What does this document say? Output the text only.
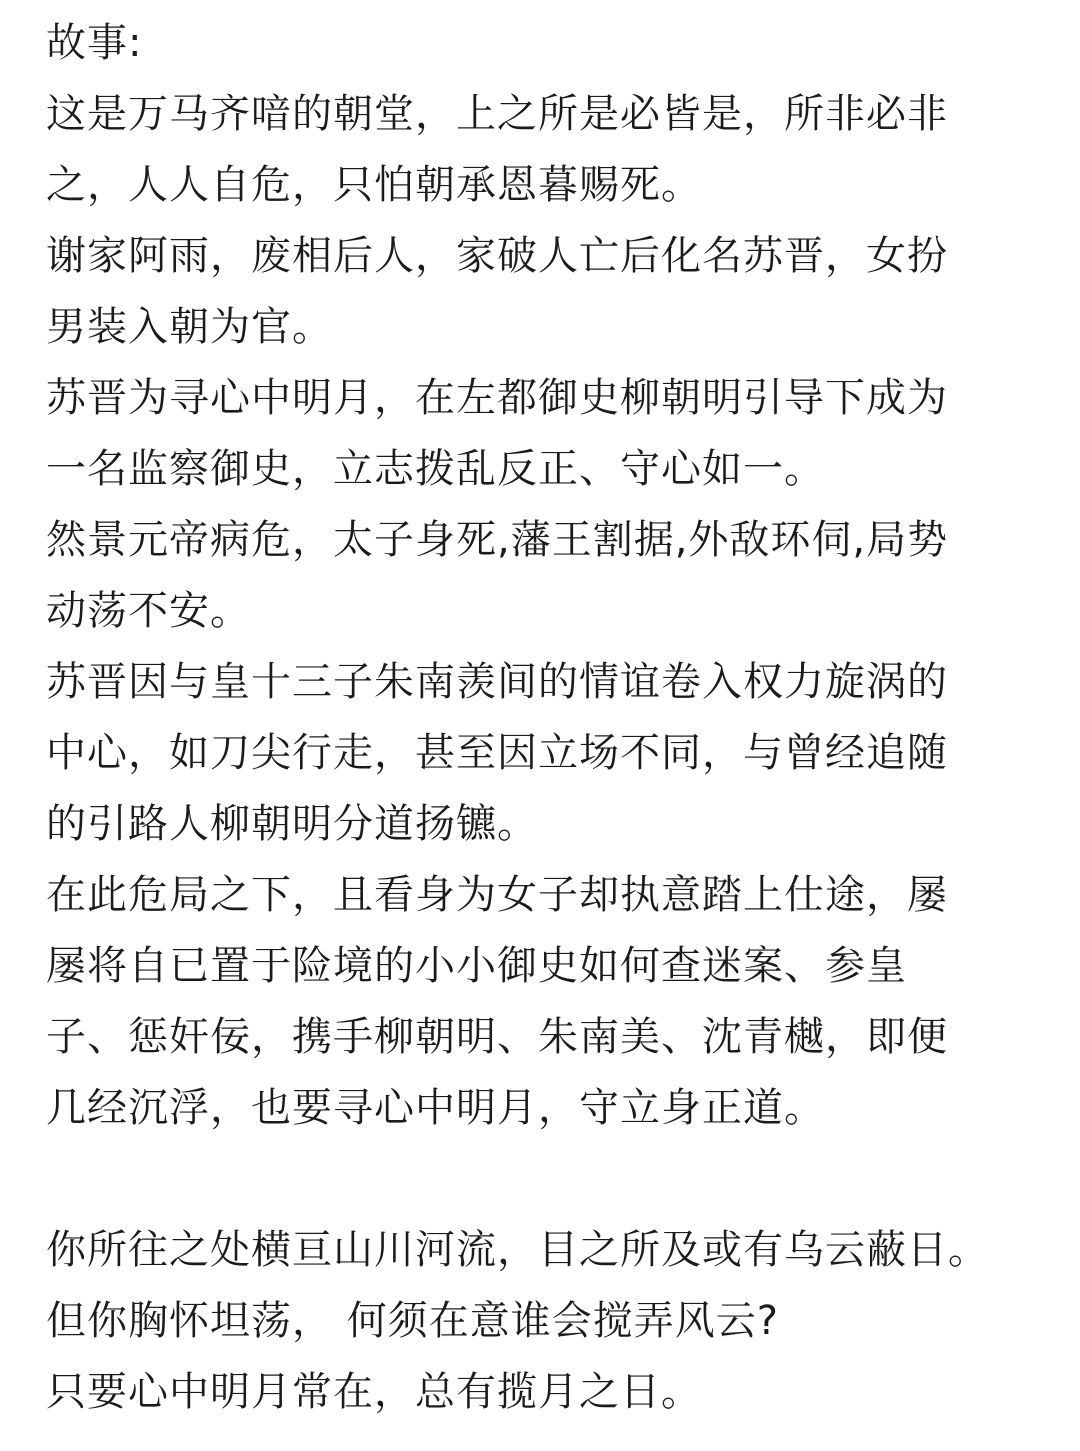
故事:
这是万马齐喑的朝堂，上之所是必皆是，所非必非
之，人人自危，只怕朝承恩暮赐死。
谢家阿雨，废相后人，家破人亡后化名苏晋，女扮
男装入朝为官。
苏晋为寻心中明月，在左都御史柳朝明引导下成为
一名监察御史，立志拨乱反正、守心如一。
然景元帝病危，太子身死,藩王割据,外敌环伺,局势
动荡不安。
苏晋因与皇十三子朱南羡间的情谊卷入权力旋涡的
中心，如刀尖行走，甚至因立场不同，与曾经追随
的引路人柳朝明分道扬镳。
在此危局之下，且看身为女子却执意踏上仕途，屡
屡将自已置于险境的小小御史如何查迷案、参皇
子、惩奸佞，携手柳朝明、朱南美、沈青樾，即便
几经沉浮，也要寻心中明月，守立身正道。
你所往之处横亘山川河流，目之所及或有乌云蔽日。
但你胸怀坦荡， 何须在意谁会搅弄风云?
只要心中明月常在，总有揽月之日。
